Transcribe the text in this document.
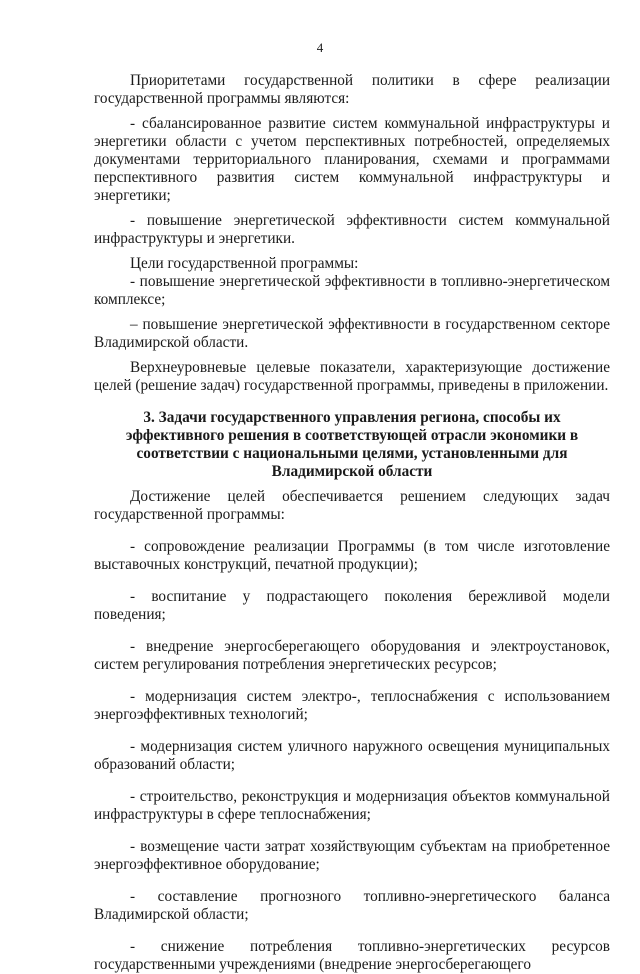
4

Приоритетами государственной политики в сфере реализации государственной программы являются:

- сбалансированное развитие систем коммунальной инфраструктуры и энергетики области с учетом перспективных потребностей, определяемых документами территориального планирования, схемами и программами перспективного развития систем коммунальной инфраструктуры и энергетики;

- повышение энергетической эффективности систем коммунальной инфраструктуры и энергетики.

Цели государственной программы:

- повышение энергетической эффективности в топливно-энергетическом комплексе;

– повышение энергетической эффективности в государственном секторе Владимирской области.

Верхнеуровневые целевые показатели, характеризующие достижение целей (решение задач) государственной программы, приведены в приложении.

3. Задачи государственного управления региона, способы их эффективного решения в соответствующей отрасли экономики в соответствии с национальными целями, установленными для Владимирской области

Достижение целей обеспечивается решением следующих задач государственной программы:

- сопровождение реализации Программы (в том числе изготовление выставочных конструкций, печатной продукции);

- воспитание у подрастающего поколения бережливой модели поведения;

- внедрение энергосберегающего оборудования и электроустановок, систем регулирования потребления энергетических ресурсов;

- модернизация систем электро-, теплоснабжения с использованием энергоэффективных технологий;

- модернизация систем уличного наружного освещения муниципальных образований области;

- строительство, реконструкция и модернизация объектов коммунальной инфраструктуры в сфере теплоснабжения;

- возмещение части затрат хозяйствующим субъектам на приобретенное энергоэффективное оборудование;

- составление прогнозного топливно-энергетического баланса Владимирской области;

- снижение потребления топливно-энергетических ресурсов государственными учреждениями (внедрение энергосберегающего
